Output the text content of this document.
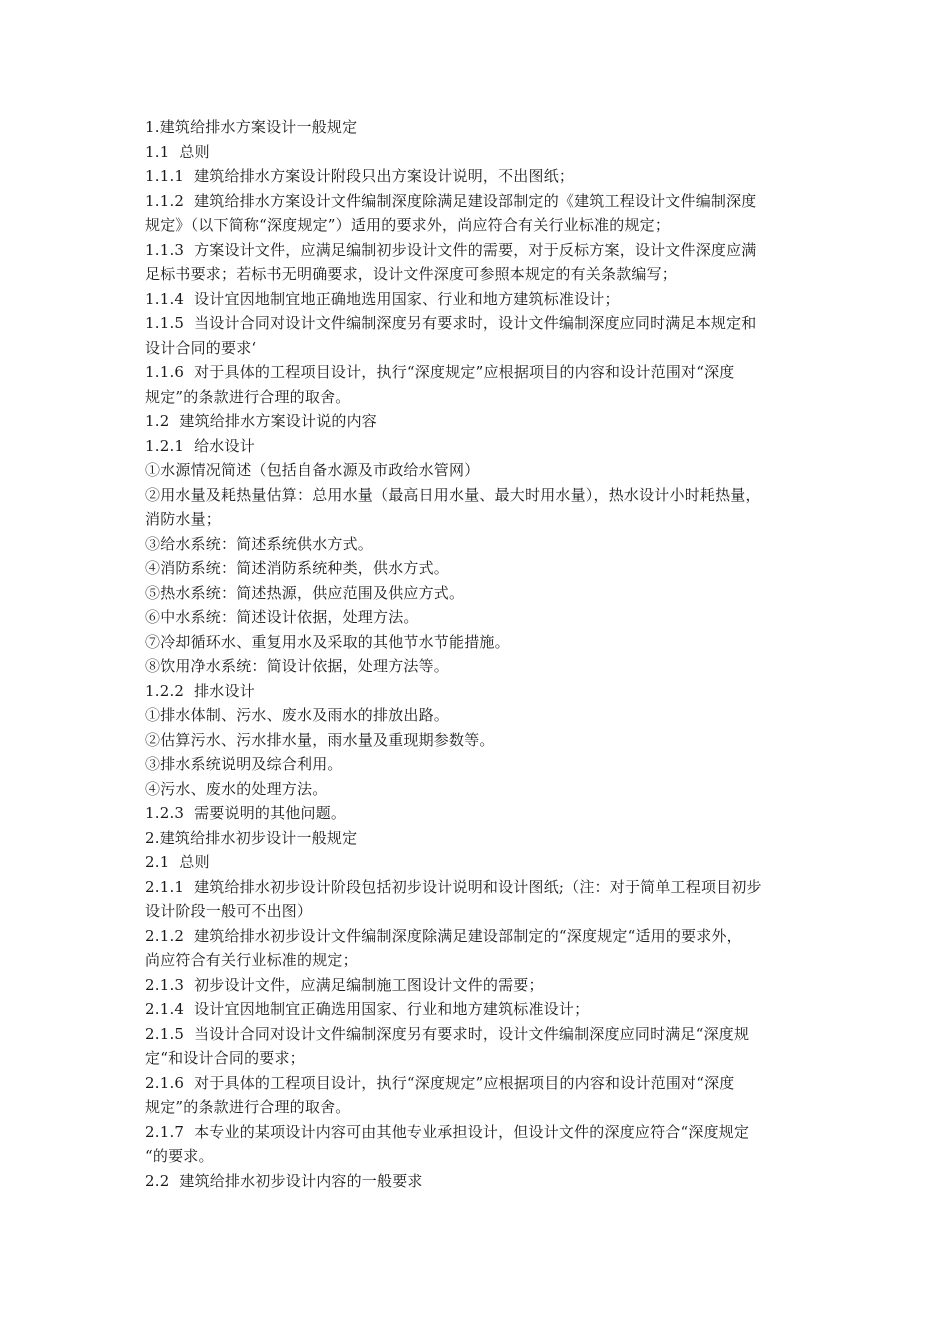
1.建筑给排水方案设计一般规定
1.1  总则
1.1.1  建筑给排水方案设计附段只出方案设计说明，不出图纸；
1.1.2  建筑给排水方案设计文件编制深度除满足建设部制定的《建筑工程设计文件编制深度
规定》（以下简称“深度规定”）适用的要求外，尚应符合有关行业标准的规定；
1.1.3  方案设计文件，应满足编制初步设计文件的需要，对于反标方案，设计文件深度应满
足标书要求；若标书无明确要求，设计文件深度可参照本规定的有关条款编写；
1.1.4  设计宜因地制宜地正确地选用国家、行业和地方建筑标准设计；
1.1.5  当设计合同对设计文件编制深度另有要求时，设计文件编制深度应同时满足本规定和
设计合同的要求‘
1.1.6  对于具体的工程项目设计，执行“深度规定”应根据项目的内容和设计范围对“深度
规定”的条款进行合理的取舍。
1.2  建筑给排水方案设计说的内容
1.2.1  给水设计
①水源情况简述（包括自备水源及市政给水管网）
②用水量及耗热量估算：总用水量（最高日用水量、最大时用水量），热水设计小时耗热量，
消防水量；
③给水系统：简述系统供水方式。
④消防系统：简述消防系统种类，供水方式。
⑤热水系统：简述热源，供应范围及供应方式。
⑥中水系统：简述设计依据，处理方法。
⑦冷却循环水、重复用水及采取的其他节水节能措施。
⑧饮用净水系统：简设计依据，处理方法等。
1.2.2  排水设计
①排水体制、污水、废水及雨水的排放出路。
②估算污水、污水排水量，雨水量及重现期参数等。
③排水系统说明及综合利用。
④污水、废水的处理方法。
1.2.3  需要说明的其他问题。
2.建筑给排水初步设计一般规定
2.1  总则
2.1.1  建筑给排水初步设计阶段包括初步设计说明和设计图纸;（注：对于简单工程项目初步
设计阶段一般可不出图）
2.1.2  建筑给排水初步设计文件编制深度除满足建设部制定的“深度规定“适用的要求外，
尚应符合有关行业标准的规定；
2.1.3  初步设计文件，应满足编制施工图设计文件的需要；
2.1.4  设计宜因地制宜正确选用国家、行业和地方建筑标准设计；
2.1.5  当设计合同对设计文件编制深度另有要求时，设计文件编制深度应同时满足“深度规
定“和设计合同的要求；
2.1.6  对于具体的工程项目设计，执行“深度规定”应根据项目的内容和设计范围对“深度
规定”的条款进行合理的取舍。
2.1.7  本专业的某项设计内容可由其他专业承担设计，但设计文件的深度应符合“深度规定
“的要求。
2.2  建筑给排水初步设计内容的一般要求
